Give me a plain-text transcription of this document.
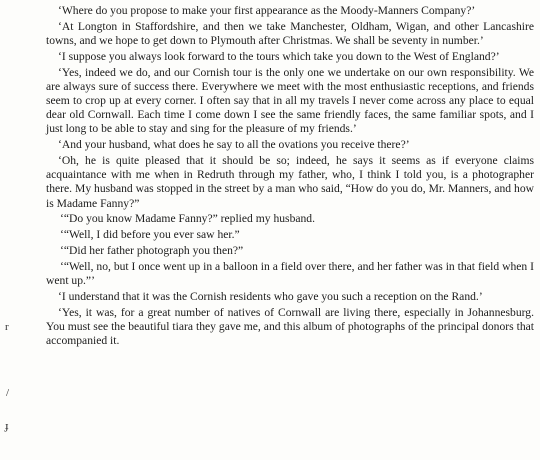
‘Where do you propose to make your first appearance as the Moody-Manners Company?’

‘At Longton in Staffordshire, and then we take Manchester, Oldham, Wigan, and other Lancashire towns, and we hope to get down to Plymouth after Christmas. We shall be seventy in number.’

‘I suppose you always look forward to the tours which take you down to the West of England?’

‘Yes, indeed we do, and our Cornish tour is the only one we undertake on our own responsibility. We are always sure of success there. Everywhere we meet with the most enthusiastic receptions, and friends seem to crop up at every corner. I often say that in all my travels I never come across any place to equal dear old Cornwall. Each time I come down I see the same friendly faces, the same familiar spots, and I just long to be able to stay and sing for the pleasure of my friends.’

‘And your husband, what does he say to all the ovations you receive there?’

‘Oh, he is quite pleased that it should be so; indeed, he says it seems as if everyone claims acquaintance with me when in Redruth through my father, who, I think I told you, is a photographer there. My husband was stopped in the street by a man who said, “How do you do, Mr. Manners, and how is Madame Fanny?”

‘“Do you know Madame Fanny?” replied my husband.

‘“Well, I did before you ever saw her.”

‘“Did her father photograph you then?”

‘“Well, no, but I once went up in a balloon in a field over there, and her father was in that field when I went up.”’

‘I understand that it was the Cornish residents who gave you such a reception on the Rand.’

‘Yes, it was, for a great number of natives of Cornwall are living there, especially in Johannesburg. You must see the beautiful tiara they gave me, and this album of photographs of the principal donors that accompanied it.

r
/
ɟ
